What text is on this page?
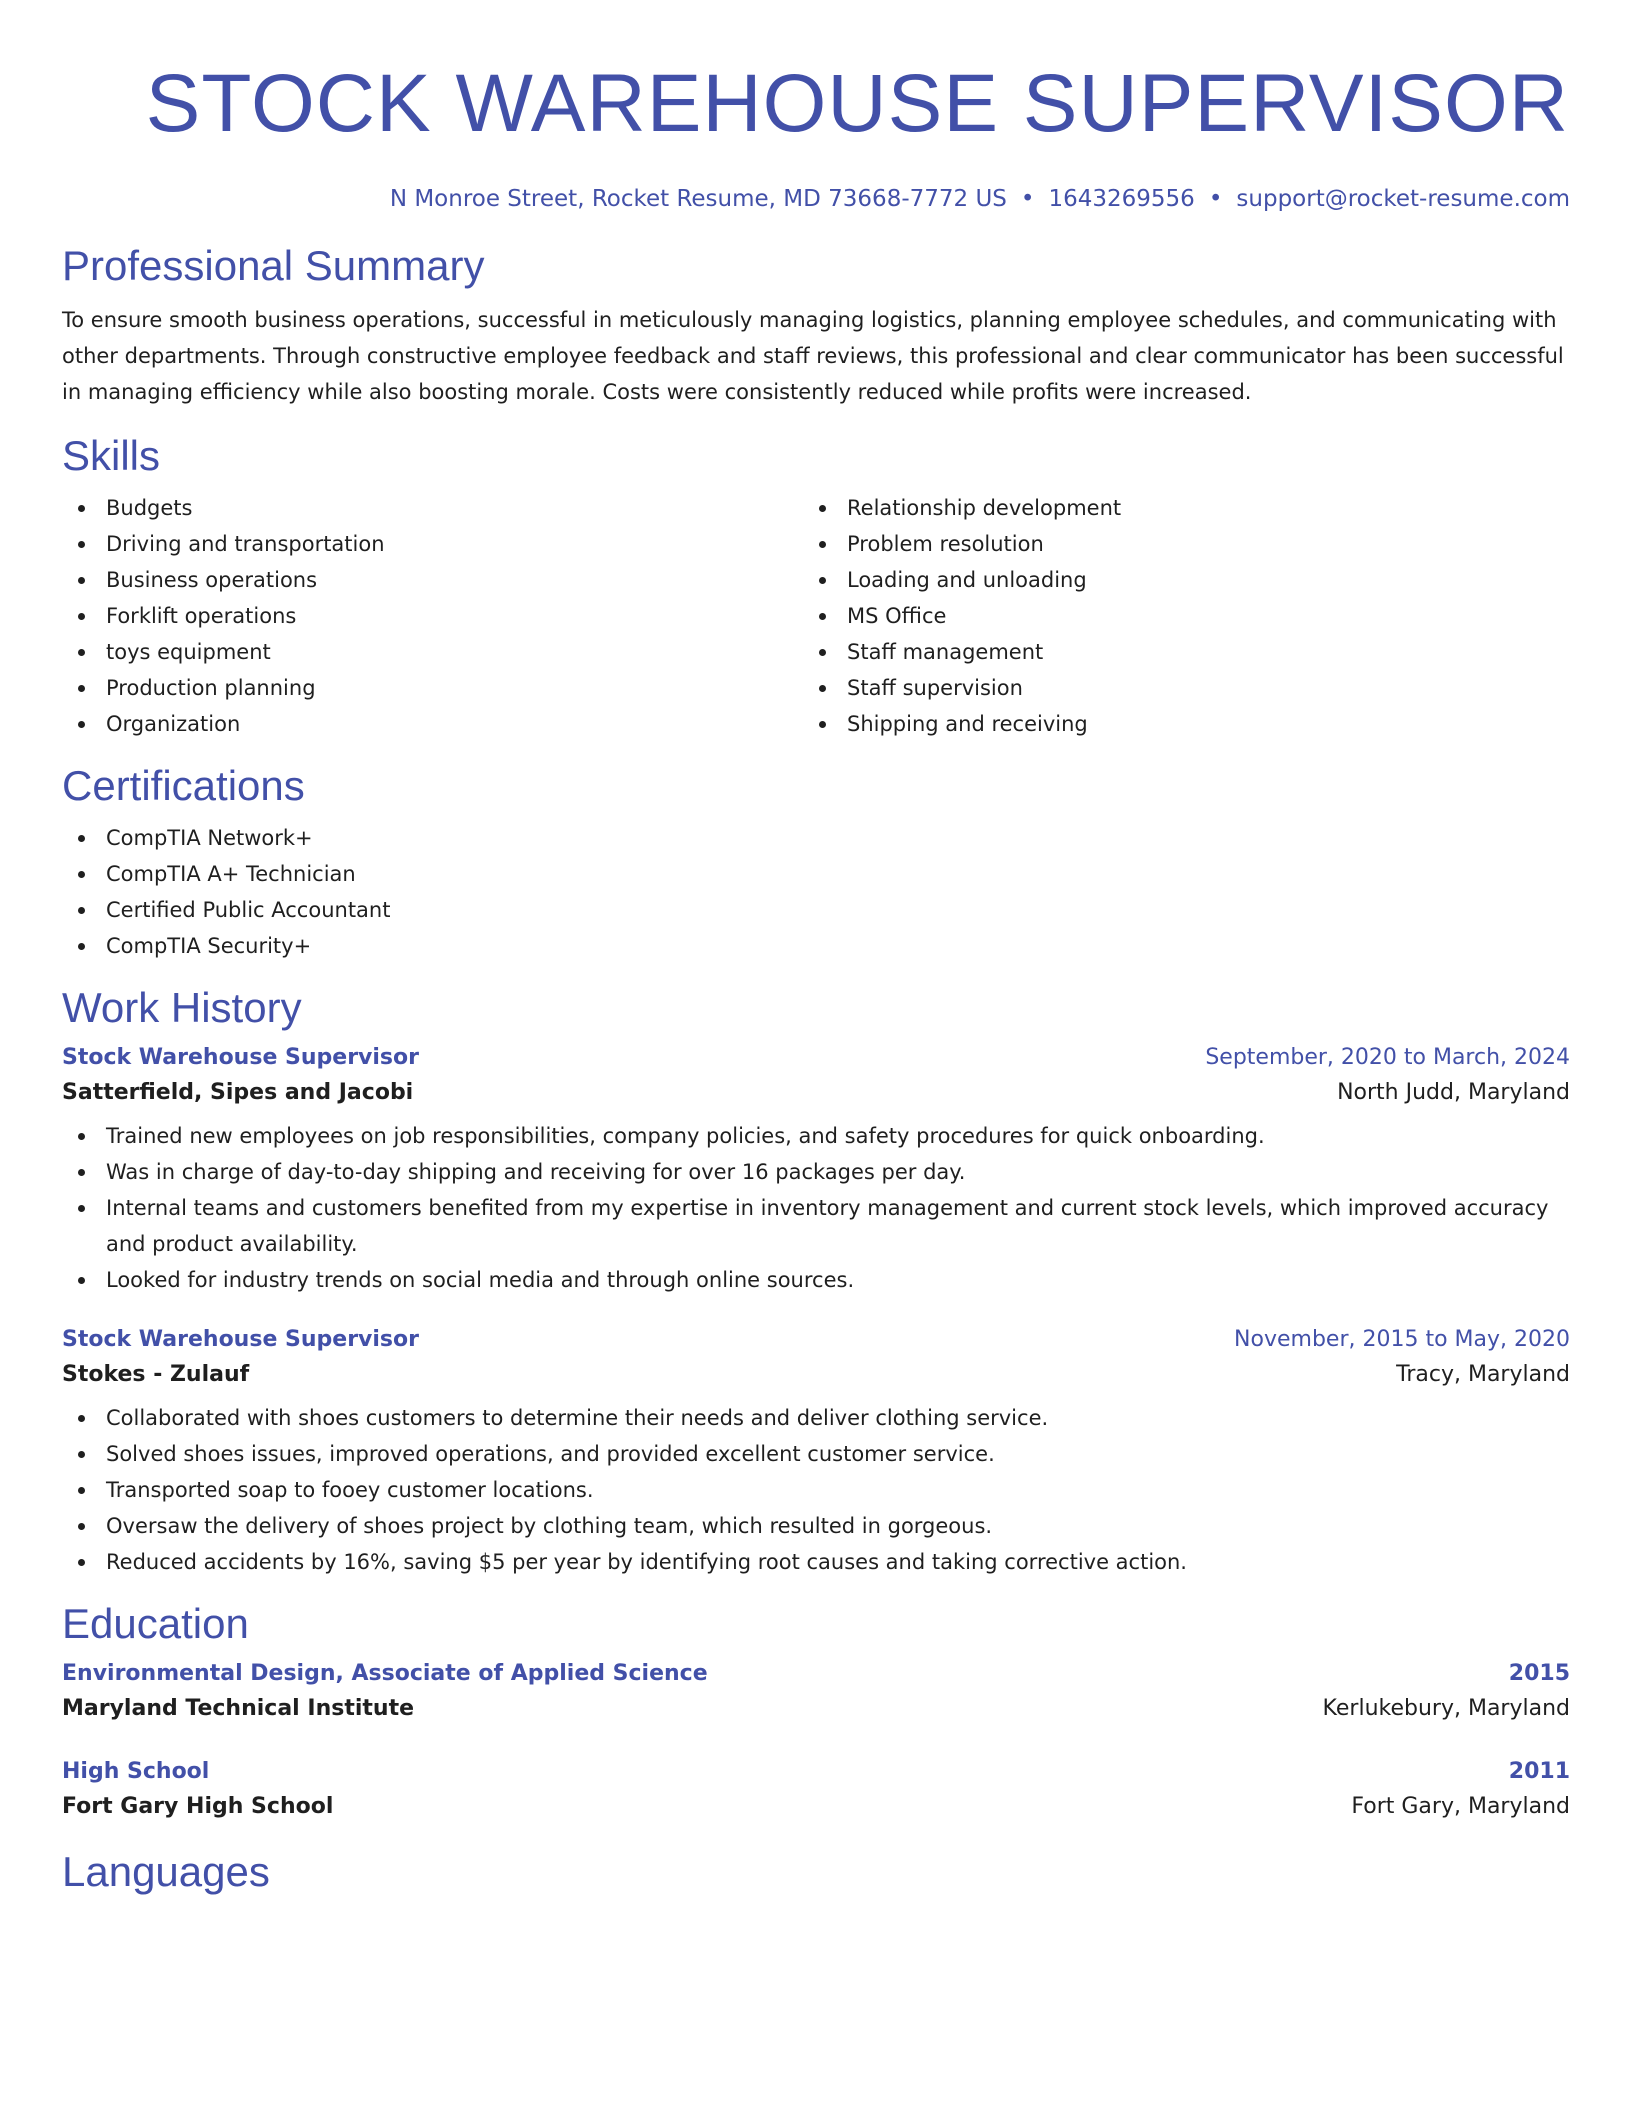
STOCK WAREHOUSE SUPERVISOR
N Monroe Street, Rocket Resume, MD 73668-7772 US • 1643269556 • support@rocket-resume.com
Professional Summary

To ensure smooth business operations, successful in meticulously managing logistics, planning employee schedules, and communicating with other departments. Through constructive employee feedback and staff reviews, this professional and clear communicator has been successful in managing efficiency while also boosting morale. Costs were consistently reduced while profits were increased.

Skills
Budgets
Driving and transportation
Business operations
Forklift operations
toys equipment
Production planning
Organization
Relationship development
Problem resolution
Loading and unloading
MS Office
Staff management
Staff supervision
Shipping and receiving
Certifications
CompTIA Network+
CompTIA A+ Technician
Certified Public Accountant
CompTIA Security+
Work History
Stock Warehouse Supervisor	September, 2020 to March, 2024
Satterfield, Sipes and Jacobi	North Judd, Maryland
Trained new employees on job responsibilities, company policies, and safety procedures for quick onboarding.
Was in charge of day-to-day shipping and receiving for over 16 packages per day.
Internal teams and customers benefited from my expertise in inventory management and current stock levels, which improved accuracy and product availability.
Looked for industry trends on social media and through online sources.
Stock Warehouse Supervisor	November, 2015 to May, 2020
Stokes - Zulauf	Tracy, Maryland
Collaborated with shoes customers to determine their needs and deliver clothing service.
Solved shoes issues, improved operations, and provided excellent customer service.
Transported soap to fooey customer locations.
Oversaw the delivery of shoes project by clothing team, which resulted in gorgeous.
Reduced accidents by 16%, saving $5 per year by identifying root causes and taking corrective action.
Education
Environmental Design, Associate of Applied Science	2015
Maryland Technical Institute	Kerlukebury, Maryland
High School	2011
Fort Gary High School	Fort Gary, Maryland
Languages
